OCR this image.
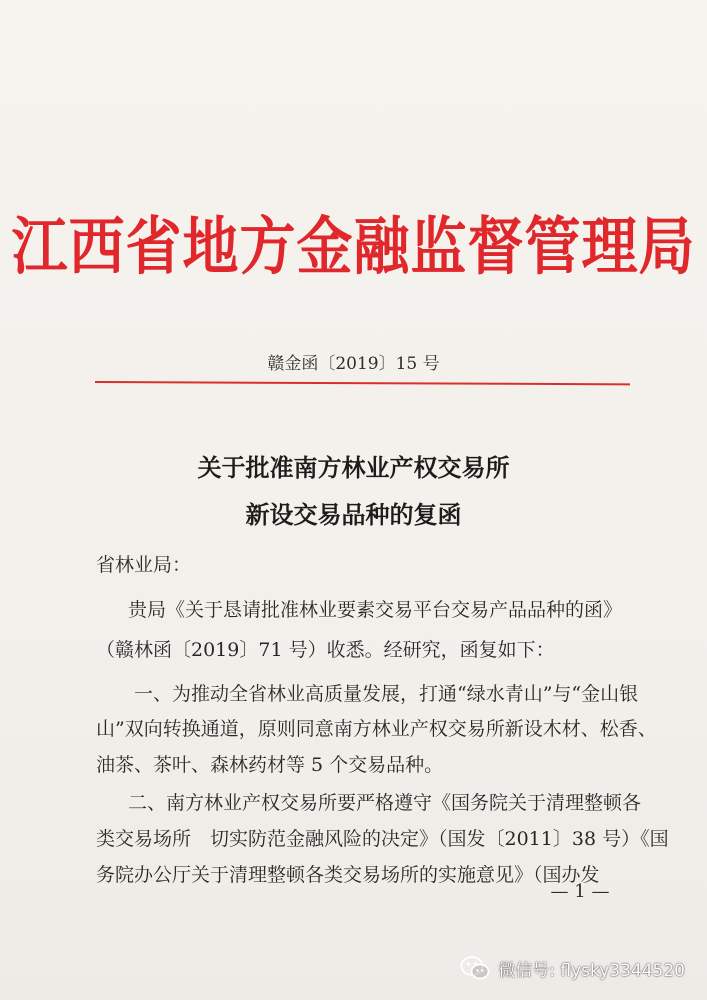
江西省地方金融监督管理局
赣金函〔2019〕15 号
关于批准南方林业产权交易所
新设交易品种的复函
省林业局：
贵局《关于恳请批准林业要素交易平台交易产品品种的函》
（赣林函〔2019〕71 号）收悉。经研究，函复如下：
一、为推动全省林业高质量发展，打通“绿水青山”与“金山银
山”双向转换通道，原则同意南方林业产权交易所新设木材、松香、
油茶、茶叶、森林药材等 5 个交易品种。
二、南方林业产权交易所要严格遵守《国务院关于清理整顿各
类交易场所　切实防范金融风险的决定》（国发〔2011〕38 号）《国
务院办公厅关于清理整顿各类交易场所的实施意见》（国办发
— 1 —
微信号: flysky3344520
